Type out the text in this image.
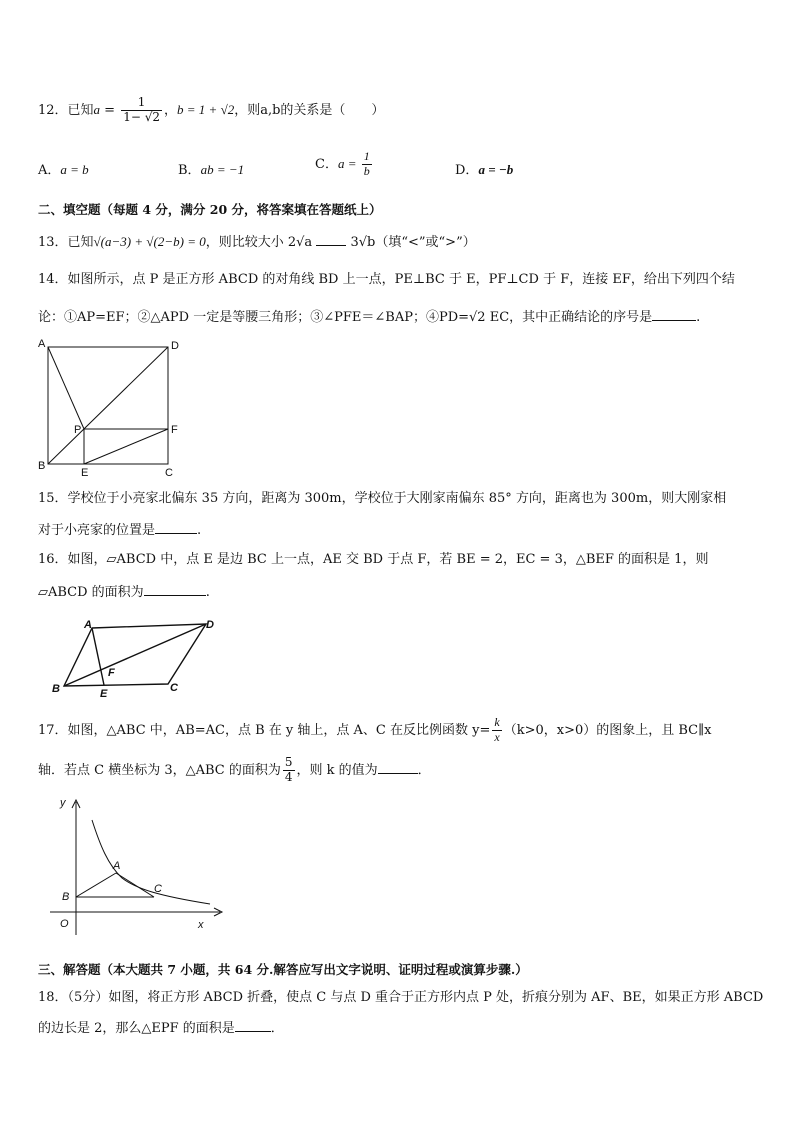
12．已知$a = \frac{1}{1- √2}$ ，b = 1 + √2，则a,b的关系是（　　）
A．a = b	B．ab = −1	C．$a = \frac{1}{b}$	D．a = −b
二、填空题（每题 4 分，满分 20 分，将答案填在答题纸上）
13．已知√(a−3) + √(2−b) = 0，则比较大小 2√a	3√b（填“<”或“>”）
14．如图所示，点 P 是正方形 ABCD 的对角线 BD 上一点，PE⊥BC 于 E，PF⊥CD 于 F，连接 EF，给出下列四个结
论：①AP=EF；②△APD 一定是等腰三角形；③∠PFE＝∠BAP；④PD=√2 EC，其中正确结论的序号是	.
A	D
P	F
B
E	C
15．学校位于小亮家北偏东 35 方向，距离为 300m，学校位于大刚家南偏东 85° 方向，距离也为 300m，则大刚家相
对于小亮家的位置是	.
16．如图，▱ABCD 中，点 E 是边 BC 上一点，AE 交 BD 于点 F，若 BE = 2，EC = 3，△BEF 的面积是 1，则
▱ABCD 的面积为	.
A	D
F
B	E	C
17．如图，△ABC 中，AB=AC，点 B 在 y 轴上，点 A、C 在反比例函数 $y= \frac{k}{x} (k>0$，x>0）的图象上，且 BC∥x
轴．若点 C 横坐标为 3，△ABC 的面积为 $\frac{5}{4}$ ，则 k 的值为	．
y
x
O
A
B
C
三、解答题（本大题共 7 小题，共 64 分.解答应写出文字说明、证明过程或演算步骤.）
18．（5分）如图，将正方形 ABCD 折叠，使点 C 与点 D 重合于正方形内点 P 处，折痕分别为 AF、BE，如果正方形 ABCD
的边长是 2，那么△EPF 的面积是	．
